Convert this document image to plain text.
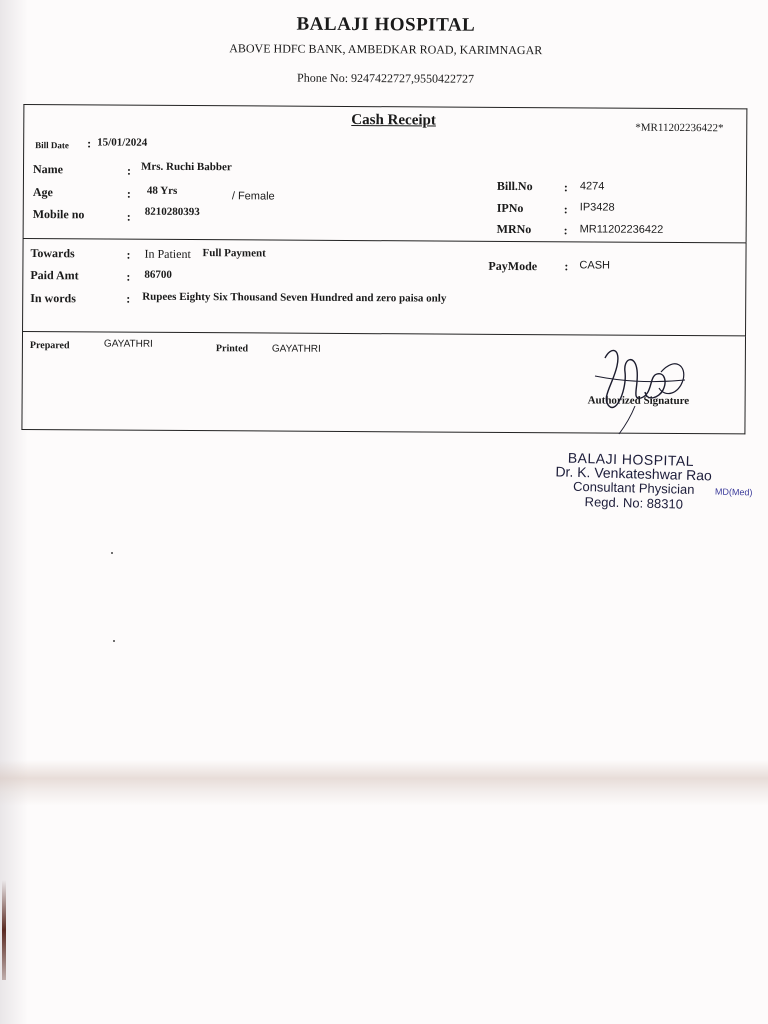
BALAJI HOSPITAL
ABOVE HDFC BANK, AMBEDKAR ROAD, KARIMNAGAR
Phone No: 9247422727,9550422727
Cash Receipt	*MR11202236422*
Bill Date : 15/01/2024
Name	: Mrs. Ruchi Babber
Age	: 48 Yrs	/ Female
Mobile no	: 8210280393
Bill.No	: 4274
IPNo	: IP3428
MRNo	: MR11202236422
Towards	: In Patient Full Payment
Paid Amt	: 86700
In words	: Rupees Eighty Six Thousand Seven Hundred and zero paisa only
PayMode : CASH
Prepared	GAYATHRI	Printed GAYATHRI
Authorized Signature
BALAJI HOSPITAL
Dr. K. Venkateshwar Rao
Consultant Physician MD(Med)
Regd. No: 88310
